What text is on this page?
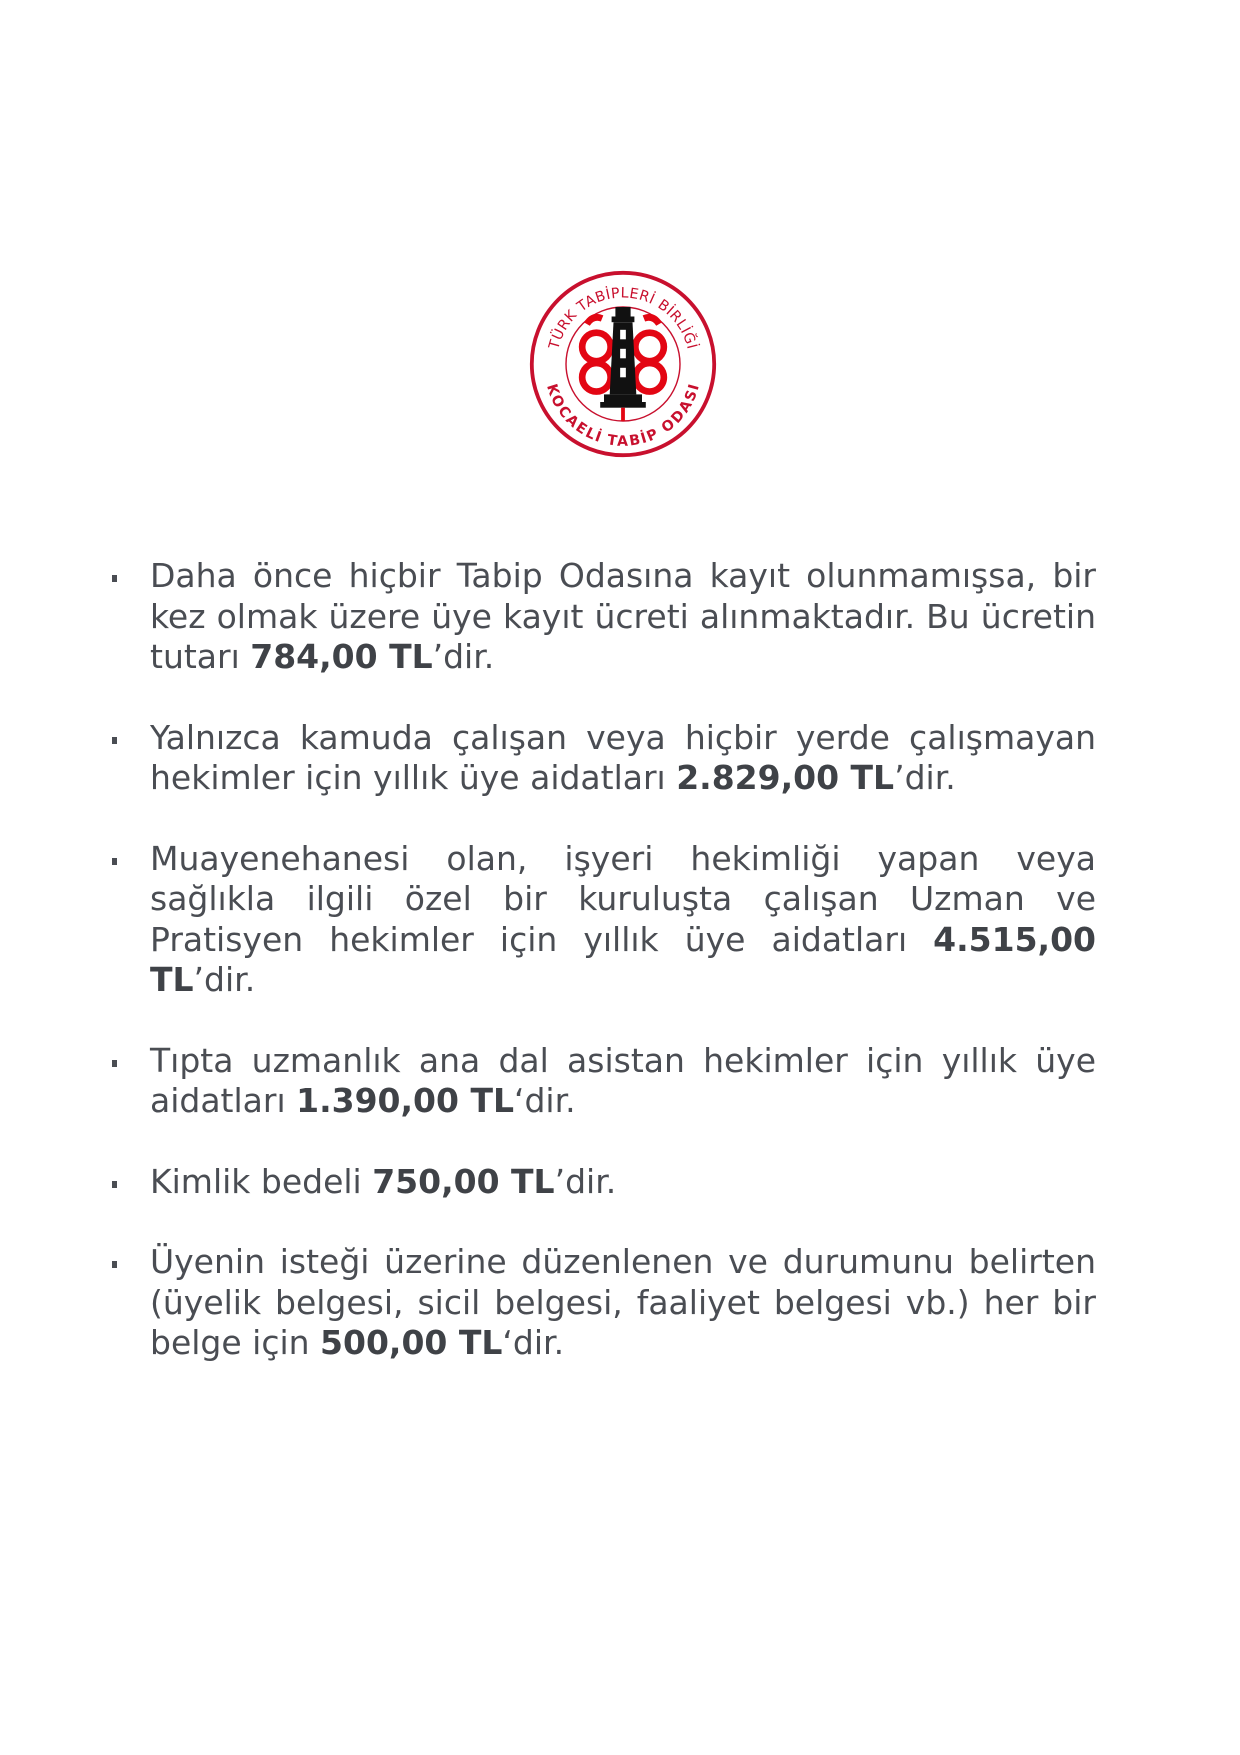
TÜRK TABİPLERİ BİRLİĞİ
KOCAELİ TABİP ODASI
Daha önce hiçbir Tabip Odasına kayıt olunmamışsa, bir kez olmak üzere üye kayıt ücreti alınmaktadır. Bu ücretin tutarı 784,00 TL’dir.
Yalnızca kamuda çalışan veya hiçbir yerde çalışmayan hekimler için yıllık üye aidatları 2.829,00 TL’dir.
Muayenehanesi olan, işyeri hekimliği yapan veya sağlıkla ilgili özel bir kuruluşta çalışan Uzman ve Pratisyen hekimler için yıllık üye aidatları 4.515,00 TL’dir.
Tıpta uzmanlık ana dal asistan hekimler için yıllık üye aidatları 1.390,00 TL‘dir.
Kimlik bedeli 750,00 TL’dir.
Üyenin isteği üzerine düzenlenen ve durumunu belirten (üyelik belgesi, sicil belgesi, faaliyet belgesi vb.) her bir belge için 500,00 TL‘dir.
